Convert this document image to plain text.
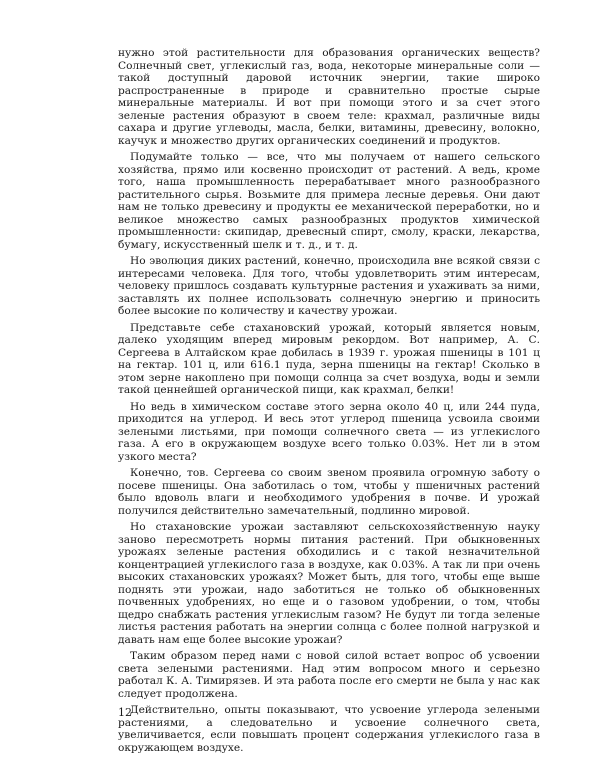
нужно этой растительности для образования органических веществ? Солнечный свет, углекислый газ, вода, некоторые минеральные соли — такой доступный даровой источник энергии, такие широко распространенные в природе и сравнительно простые сырые минеральные материалы. И вот при помощи этого и за счет этого зеленые растения образуют в своем теле: крахмал, различные виды сахара и другие углеводы, масла, белки, витамины, древесину, волокно, каучук и множество других органических соединений и продуктов.

Подумайте только — все, что мы получаем от нашего сельского хозяйства, прямо или косвенно происходит от растений. А ведь, кроме того, наша промышленность перерабатывает много разнообразного растительного сырья. Возьмите для примера лесные деревья. Они дают нам не только древесину и продукты ее механической переработки, но и великое множество самых разнообразных продуктов химической промышленности: скипидар, древесный спирт, смолу, краски, лекарства, бумагу, искусственный шелк и т. д., и т. д.

Но эволюция диких растений, конечно, происходила вне всякой связи с интересами человека. Для того, чтобы удовлетворить этим интересам, человеку пришлось создавать культурные растения и ухаживать за ними, заставлять их полнее использовать солнечную энергию и приносить более высокие по количеству и качеству урожаи.

Представьте себе стахановский урожай, который является новым, далеко уходящим вперед мировым рекордом. Вот например, А. С. Сергеева в Алтайском крае добилась в 1939 г. урожая пшеницы в 101 ц на гектар. 101 ц, или 616.1 пуда, зерна пшеницы на гектар! Сколько в этом зерне накоплено при помощи солнца за счет воздуха, воды и земли такой ценнейшей органической пищи, как крахмал, белки!

Но ведь в химическом составе этого зерна около 40 ц, или 244 пуда, приходится на углерод. И весь этот углерод пшеница усвоила своими зелеными листьями, при помощи солнечного света — из углекислого газа. А его в окружающем воздухе всего только 0.03%. Нет ли в этом узкого места?

Конечно, тов. Сергеева со своим звеном проявила огромную заботу о посеве пшеницы. Она заботилась о том, чтобы у пшеничных растений было вдоволь влаги и необходимого удобрения в почве. И урожай получился действительно замечательный, подлинно мировой.

Но стахановские урожаи заставляют сельскохозяйственную науку заново пересмотреть нормы питания растений. При обыкновенных урожаях зеленые растения обходились и с такой незначительной концентрацией углекислого газа в воздухе, как 0.03%. А так ли при очень высоких стахановских урожаях? Может быть, для того, чтобы еще выше поднять эти урожаи, надо заботиться не только об обыкновенных почвенных удобрениях, но еще и о газовом удобрении, о том, чтобы щедро снабжать растения углекислым газом? Не будут ли тогда зеленые листья растения работать на энергии солнца с более полной нагрузкой и давать нам еще более высокие урожаи?

Таким образом перед нами с новой силой встает вопрос об усвоении света зелеными растениями. Над этим вопросом много и серьезно работал К. А. Тимирязев. И эта работа после его смерти не была у нас как следует продолжена.

Действительно, опыты показывают, что усвоение углерода зелеными растениями, а следовательно и усвоение солнечного света, увеличивается, если повышать процент содержания углекислого газа в окружающем воздухе.

12
